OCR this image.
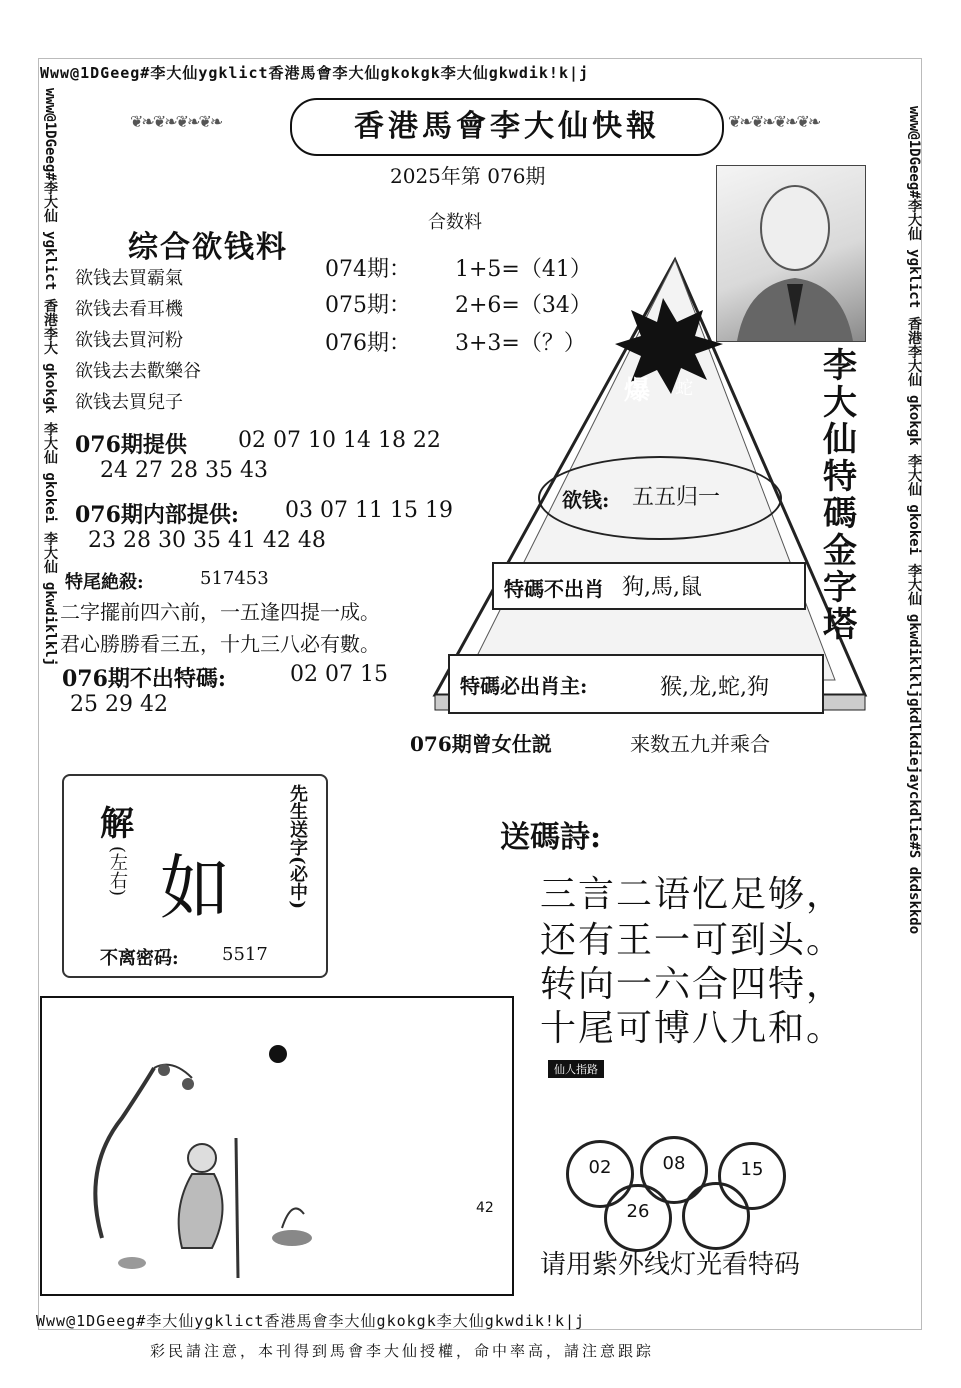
Www@1DGeeg#李大仙ygklict香港馬會李大仙gkokgk李大仙gkwdik!k|j
www@1DGeeg#李大仙 ygklict 香港李大 gkokgk 李大仙 gkokei 李大仙 gkwdiklklj	www@1DGeeg#李大仙 ygklict 香港李大仙 gkokgk 李大仙 gkokei 李大仙 gkwdiklkljgkdlkdiejayckdlie#S dkdskkdo
Www@1DGeeg#李大仙ygklict香港馬會李大仙gkokgk李大仙gkwdik!k|j
彩民請注意，本刊得到馬會李大仙授權，命中率高，請注意跟踪
❦❧❦❧❦❧❦❧	❦❧❦❧❦❧❦❧
香港馬會李大仙快報
2025年第 076期
合数料
074期： 1+5=（41）
075期： 2+6=（34）
076期： 3+3=（？）
综合欲钱料
欲钱去買霸氣
欲钱去看耳機
欲钱去買河粉
欲钱去去歡樂谷
欲钱去買兒子	爆 蛇
李大仙特碼金字塔
欲钱: 五五归一
特碼不出肖 狗,馬,鼠
特碼必出肖主:	猴,龙,蛇,狗
076期提供 02 07 10 14 18 22
24 27 28 35 43
076期内部提供: 03 07 11 15 19
23 28 30 35 41 42 48
特尾絶殺:	517453
二字擺前四六前，一五逢四提一成。
君心勝勝看三五，十九三八必有數。
076期不出特碼:	02 07 15
25 29 42
076期曾女仕説	来数五九并乘合
解
(左右) 如	先生送字(必中)
不离密码: 5517
送碼詩:
三言二语忆足够，
还有王一可到头。
转向一六合四特，
十尾可博八九和。
仙人指路
42
02	08	15
26
请用紫外线灯光看特码
